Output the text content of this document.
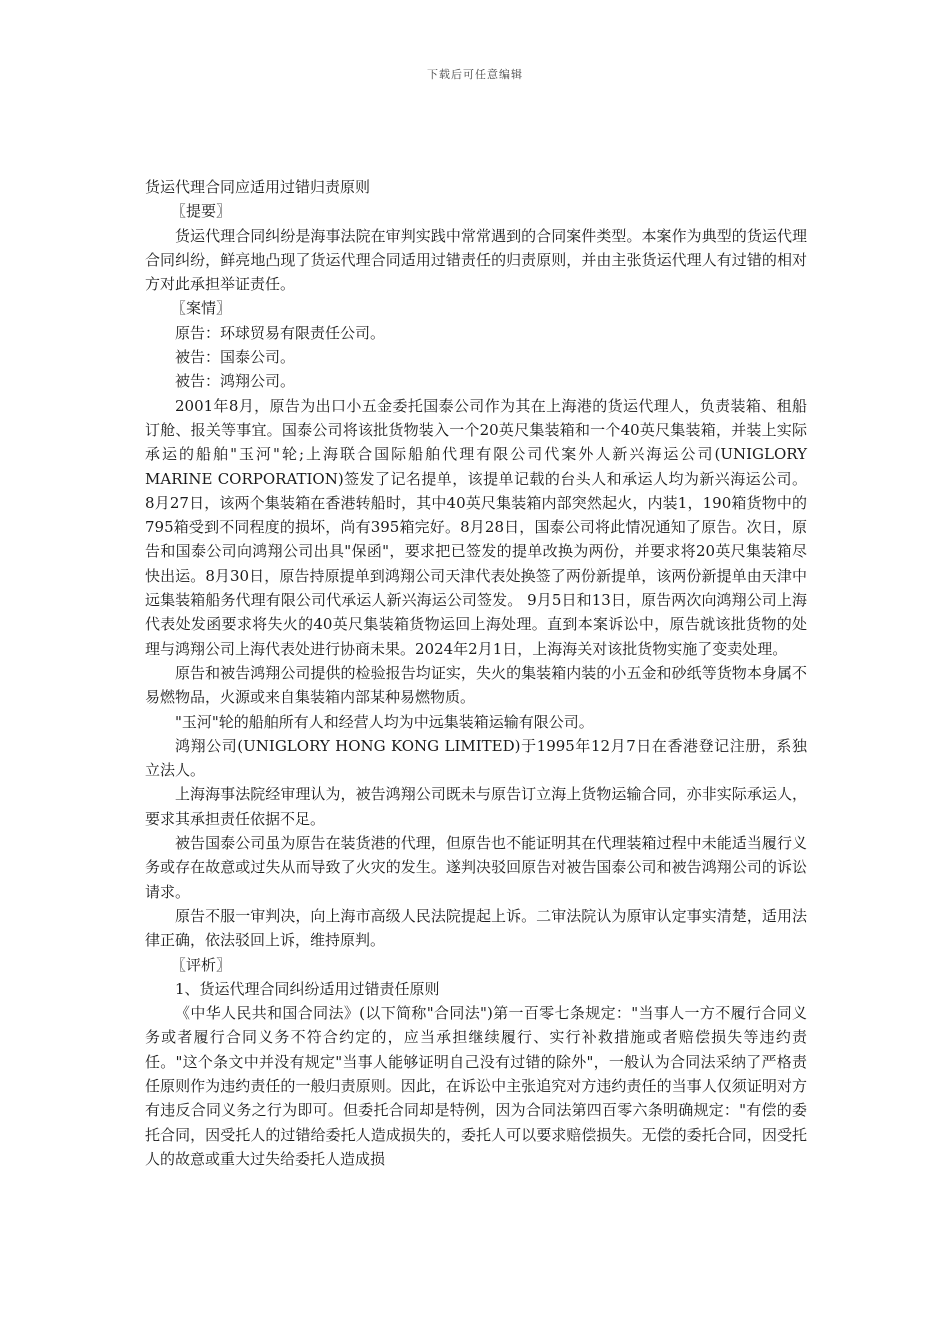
下载后可任意编辑

货运代理合同应适用过错归责原则

〖提要〗

货运代理合同纠纷是海事法院在审判实践中常常遇到的合同案件类型。本案作为典型的货运代理合同纠纷，鲜亮地凸现了货运代理合同适用过错责任的归责原则，并由主张货运代理人有过错的相对方对此承担举证责任。

〖案情〗

原告：环球贸易有限责任公司。

被告：国泰公司。

被告：鸿翔公司。

2001年8月，原告为出口小五金委托国泰公司作为其在上海港的货运代理人，负责装箱、租船订舱、报关等事宜。国泰公司将该批货物装入一个20英尺集装箱和一个40英尺集装箱，并装上实际承运的船舶"玉河"轮;上海联合国际船舶代理有限公司代案外人新兴海运公司(UNIGLORY MARINE CORPORATION)签发了记名提单，该提单记载的台头人和承运人均为新兴海运公司。 8月27日，该两个集装箱在香港转船时，其中40英尺集装箱内部突然起火，内装1，190箱货物中的795箱受到不同程度的损坏，尚有395箱完好。8月28日，国泰公司将此情况通知了原告。次日，原告和国泰公司向鸿翔公司出具"保函"，要求把已签发的提单改换为两份，并要求将20英尺集装箱尽快出运。8月30日，原告持原提单到鸿翔公司天津代表处换签了两份新提单，该两份新提单由天津中远集装箱船务代理有限公司代承运人新兴海运公司签发。 9月5日和13日，原告两次向鸿翔公司上海代表处发函要求将失火的40英尺集装箱货物运回上海处理。直到本案诉讼中，原告就该批货物的处理与鸿翔公司上海代表处进行协商未果。2024年2月1日，上海海关对该批货物实施了变卖处理。

原告和被告鸿翔公司提供的检验报告均证实，失火的集装箱内装的小五金和砂纸等货物本身属不易燃物品，火源或来自集装箱内部某种易燃物质。

"玉河"轮的船舶所有人和经营人均为中远集装箱运输有限公司。

鸿翔公司(UNIGLORY HONG KONG LIMITED)于1995年12月7日在香港登记注册，系独立法人。

上海海事法院经审理认为，被告鸿翔公司既未与原告订立海上货物运输合同，亦非实际承运人，要求其承担责任依据不足。

被告国泰公司虽为原告在装货港的代理，但原告也不能证明其在代理装箱过程中未能适当履行义务或存在故意或过失从而导致了火灾的发生。遂判决驳回原告对被告国泰公司和被告鸿翔公司的诉讼请求。

原告不服一审判决，向上海市高级人民法院提起上诉。二审法院认为原审认定事实清楚，适用法律正确，依法驳回上诉，维持原判。

〖评析〗

1、货运代理合同纠纷适用过错责任原则

《中华人民共和国合同法》(以下简称"合同法")第一百零七条规定："当事人一方不履行合同义务或者履行合同义务不符合约定的，应当承担继续履行、实行补救措施或者赔偿损失等违约责任。"这个条文中并没有规定"当事人能够证明自己没有过错的除外"，一般认为合同法采纳了严格责任原则作为违约责任的一般归责原则。因此，在诉讼中主张追究对方违约责任的当事人仅须证明对方有违反合同义务之行为即可。但委托合同却是特例，因为合同法第四百零六条明确规定："有偿的委托合同，因受托人的过错给委托人造成损失的，委托人可以要求赔偿损失。无偿的委托合同，因受托人的故意或重大过失给委托人造成损
